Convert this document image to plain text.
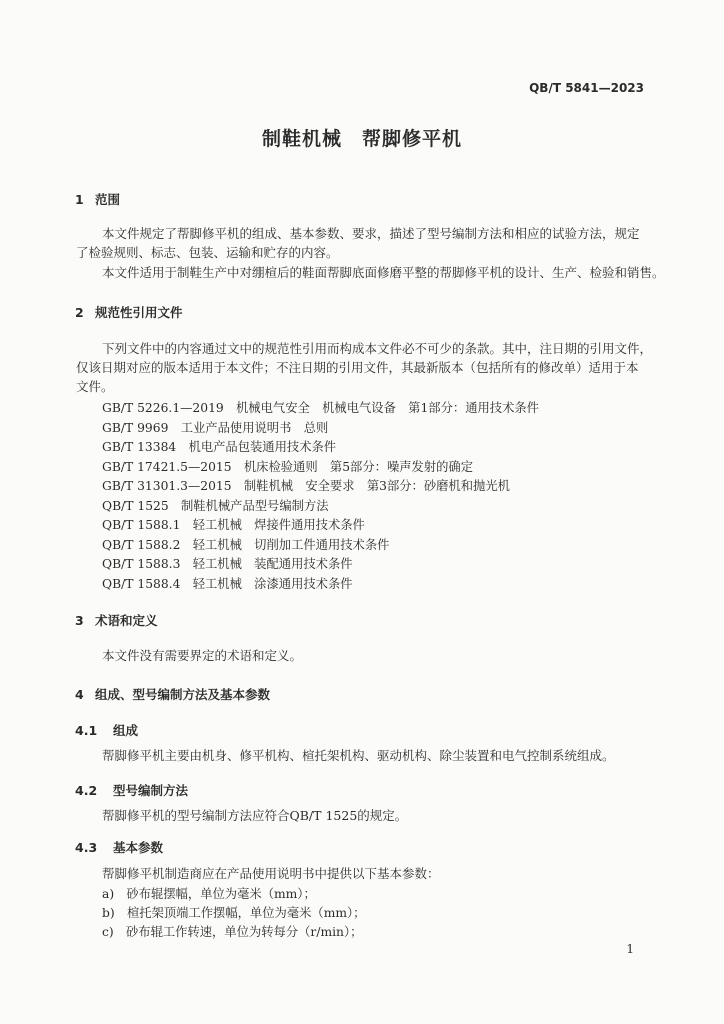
QB/T 5841—2023
制鞋机械　帮脚修平机
1 范围
本文件规定了帮脚修平机的组成、基本参数、要求，描述了型号编制方法和相应的试验方法，规定
了检验规则、标志、包装、运输和贮存的内容。
本文件适用于制鞋生产中对绷楦后的鞋面帮脚底面修磨平整的帮脚修平机的设计、生产、检验和销售。
2 规范性引用文件
下列文件中的内容通过文中的规范性引用而构成本文件必不可少的条款。其中，注日期的引用文件，
仅该日期对应的版本适用于本文件；不注日期的引用文件，其最新版本（包括所有的修改单）适用于本
文件。
GB/T 5226.1—2019　机械电气安全　机械电气设备　第1部分：通用技术条件
GB/T 9969　工业产品使用说明书　总则
GB/T 13384　机电产品包装通用技术条件
GB/T 17421.5—2015　机床检验通则　第5部分：噪声发射的确定
GB/T 31301.3—2015　制鞋机械　安全要求　第3部分：砂磨机和抛光机
QB/T 1525　制鞋机械产品型号编制方法
QB/T 1588.1　轻工机械　焊接件通用技术条件
QB/T 1588.2　轻工机械　切削加工件通用技术条件
QB/T 1588.3　轻工机械　装配通用技术条件
QB/T 1588.4　轻工机械　涂漆通用技术条件
3 术语和定义
本文件没有需要界定的术语和定义。
4 组成、型号编制方法及基本参数
4.1 组成
帮脚修平机主要由机身、修平机构、楦托架机构、驱动机构、除尘装置和电气控制系统组成。
4.2 型号编制方法
帮脚修平机的型号编制方法应符合QB/T 1525的规定。
4.3 基本参数
帮脚修平机制造商应在产品使用说明书中提供以下基本参数：
a)　砂布辊摆幅，单位为毫米（mm）；
b)　楦托架顶端工作摆幅，单位为毫米（mm）；
c)　砂布辊工作转速，单位为转每分（r/min）；
1
